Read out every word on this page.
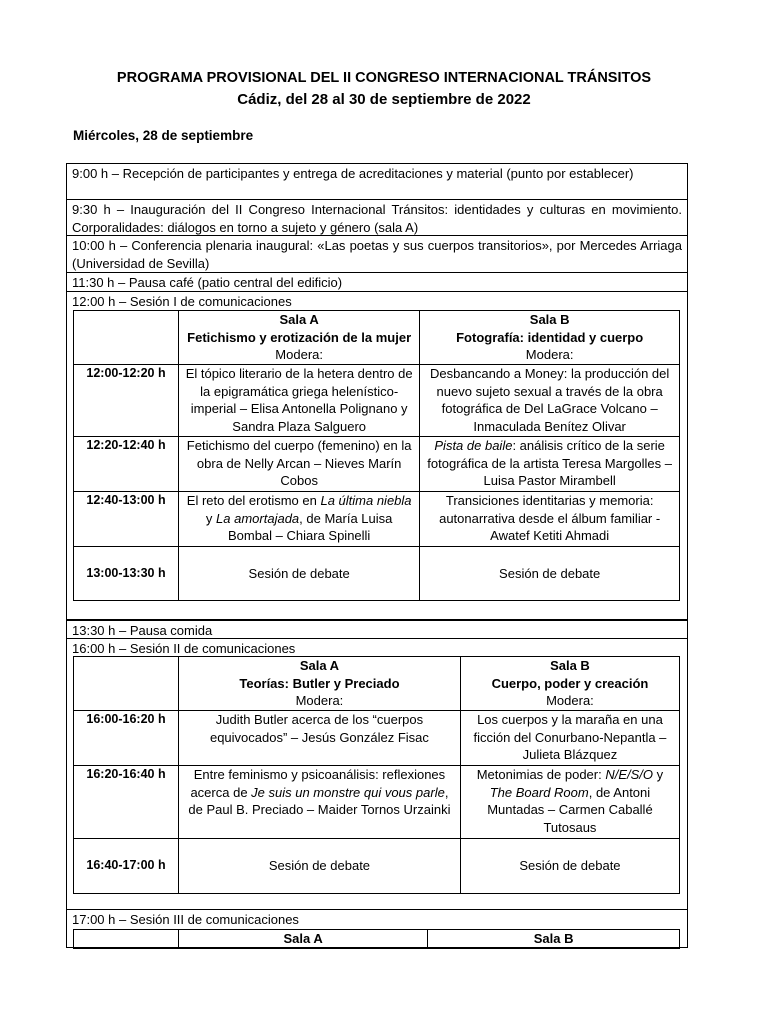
PROGRAMA PROVISIONAL DEL II CONGRESO INTERNACIONAL TRÁNSITOS
Cádiz, del 28 al 30 de septiembre de 2022
Miércoles, 28 de septiembre
9:00 h – Recepción de participantes y entrega de acreditaciones y material (punto por establecer)
9:30 h – Inauguración del II Congreso Internacional Tránsitos: identidades y culturas en movimiento. Corporalidades: diálogos en torno a sujeto y género (sala A)
10:00 h – Conferencia plenaria inaugural: «Las poetas y sus cuerpos transitorios», por Mercedes Arriaga (Universidad de Sevilla)
11:30 h – Pausa café (patio central del edificio)
12:00 h – Sesión I de comunicaciones
	Sala A
Fetichismo y erotización de la mujer
Modera:	Sala B
Fotografía: identidad y cuerpo
Modera:
12:00-12:20 h	El tópico literario de la hetera dentro de la epigramática griega helenístico-imperial – Elisa Antonella Polignano y Sandra Plaza Salguero	Desbancando a Money: la producción del nuevo sujeto sexual a través de la obra fotográfica de Del LaGrace Volcano – Inmaculada Benítez Olivar
12:20-12:40 h	Fetichismo del cuerpo (femenino) en la obra de Nelly Arcan – Nieves Marín Cobos	Pista de baile: análisis crítico de la serie fotográfica de la artista Teresa Margolles – Luisa Pastor Mirambell
12:40-13:00 h	El reto del erotismo en La última niebla y La amortajada, de María Luisa Bombal – Chiara Spinelli	Transiciones identitarias y memoria: autonarrativa desde el álbum familiar - Awatef Ketiti Ahmadi
13:00-13:30 h	Sesión de debate	Sesión de debate
13:30 h – Pausa comida
16:00 h – Sesión II de comunicaciones
	Sala A
Teorías: Butler y Preciado
Modera:	Sala B
Cuerpo, poder y creación
Modera:
16:00-16:20 h	Judith Butler acerca de los “cuerpos equivocados” – Jesús González Fisac	Los cuerpos y la maraña en una ficción del Conurbano-Nepantla – Julieta Blázquez
16:20-16:40 h	Entre feminismo y psicoanálisis: reflexiones acerca de Je suis un monstre qui vous parle, de Paul B. Preciado – Maider Tornos Urzainki	Metonimias de poder: N/E/S/O y The Board Room, de Antoni Muntadas – Carmen Caballé Tutosaus
16:40-17:00 h	Sesión de debate	Sesión de debate
17:00 h – Sesión III de comunicaciones
	Sala A	Sala B
